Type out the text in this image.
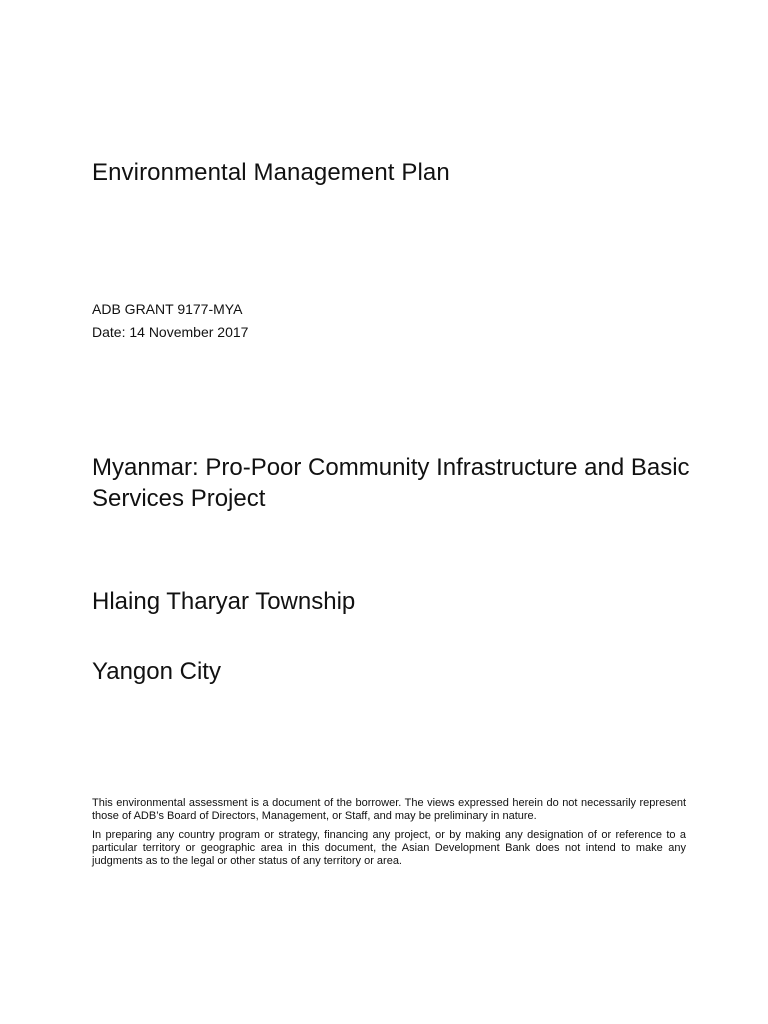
Environmental Management Plan

ADB GRANT 9177-MYA

Date: 14 November 2017

Myanmar: Pro-Poor Community Infrastructure and Basic Services Project
Hlaing Tharyar Township
Yangon City

This environmental assessment is a document of the borrower. The views expressed herein do not necessarily represent those of ADB’s Board of Directors, Management, or Staff, and may be preliminary in nature.

In preparing any country program or strategy, financing any project, or by making any designation of or reference to a particular territory or geographic area in this document, the Asian Development Bank does not intend to make any judgments as to the legal or other status of any territory or area.
